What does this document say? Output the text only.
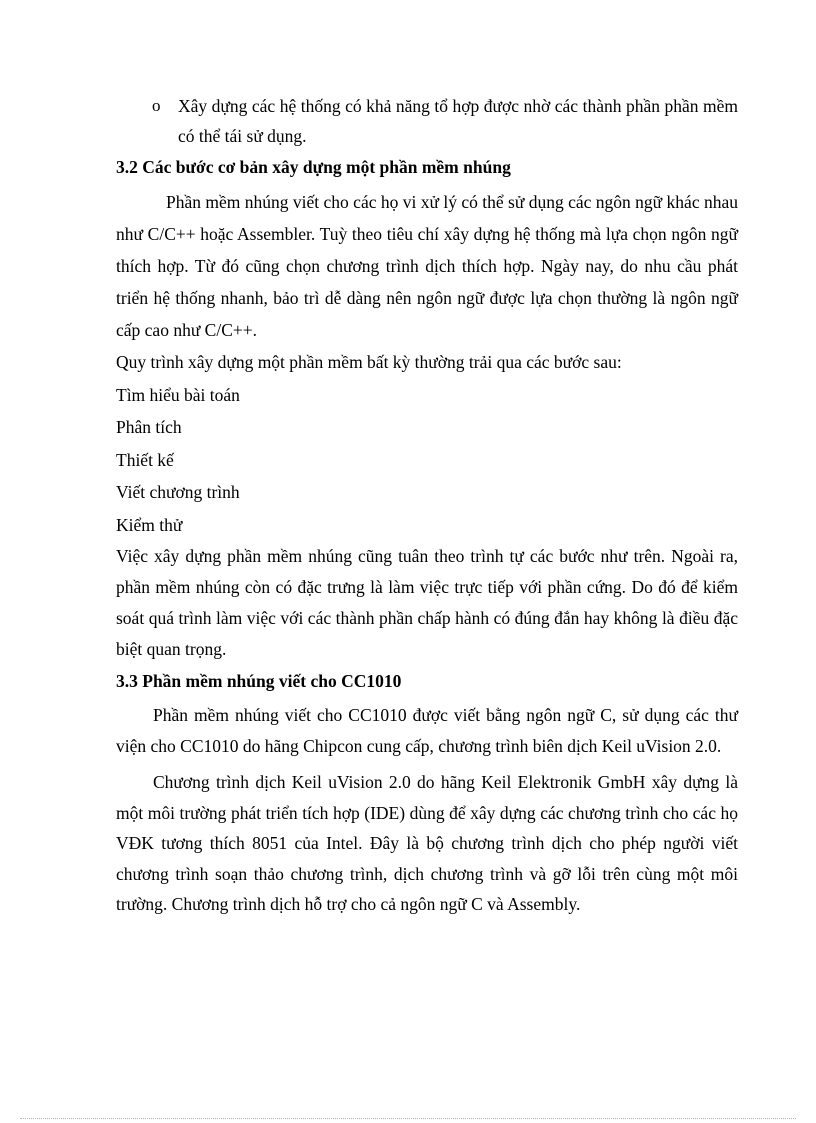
o Xây dựng các hệ thống có khả năng tổ hợp được nhờ các thành phần phần mềm có thể tái sử dụng.
3.2 Các bước cơ bản xây dựng một phần mềm nhúng

Phần mềm nhúng viết cho các họ vi xử lý có thể sử dụng các ngôn ngữ khác nhau như C/C++ hoặc Assembler. Tuỳ theo tiêu chí xây dựng hệ thống mà lựa chọn ngôn ngữ thích hợp. Từ đó cũng chọn chương trình dịch thích hợp. Ngày nay, do nhu cầu phát triển hệ thống nhanh, bảo trì dễ dàng nên ngôn ngữ được lựa chọn thường là ngôn ngữ cấp cao như C/C++.

Quy trình xây dựng một phần mềm bất kỳ thường trải qua các bước sau:

Tìm hiểu bài toán

Phân tích

Thiết kế

Viết chương trình

Kiểm thử

Việc xây dựng phần mềm nhúng cũng tuân theo trình tự các bước như trên. Ngoài ra, phần mềm nhúng còn có đặc trưng là làm việc trực tiếp với phần cứng. Do đó để kiểm soát quá trình làm việc với các thành phần chấp hành có đúng đắn hay không là điều đặc biệt quan trọng.

3.3 Phần mềm nhúng viết cho CC1010

Phần mềm nhúng viết cho CC1010 được viết bằng ngôn ngữ C, sử dụng các thư viện cho CC1010 do hãng Chipcon cung cấp, chương trình biên dịch Keil uVision 2.0.

Chương trình dịch Keil uVision 2.0 do hãng Keil Elektronik GmbH xây dựng là một môi trường phát triển tích hợp (IDE) dùng để xây dựng các chương trình cho các họ VĐK tương thích 8051 của Intel. Đây là bộ chương trình dịch cho phép người viết chương trình soạn thảo chương trình, dịch chương trình và gỡ lỗi trên cùng một môi trường. Chương trình dịch hỗ trợ cho cả ngôn ngữ C và Assembly.
